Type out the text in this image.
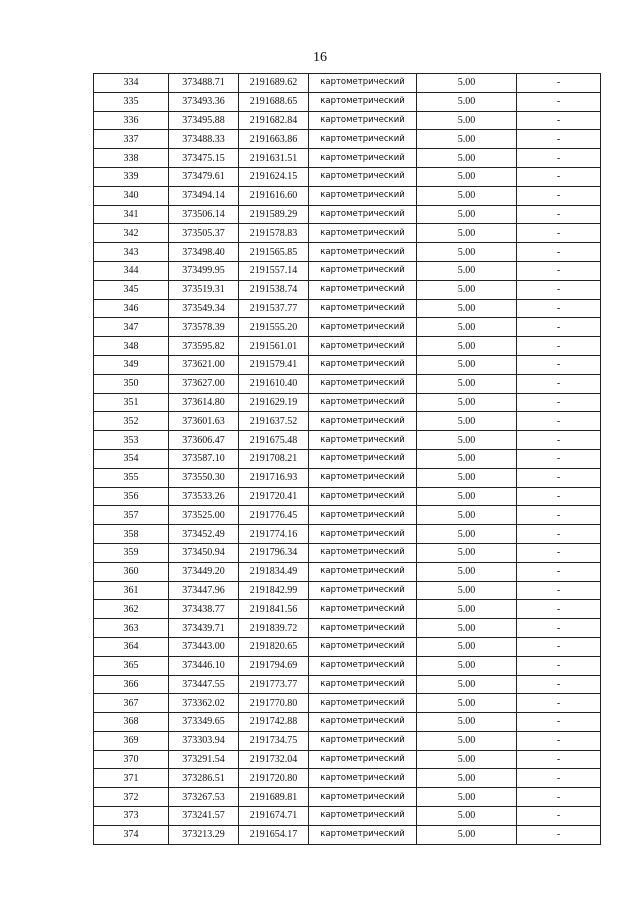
16
334	373488.71	2191689.62	картометрический	5.00	-
335	373493.36	2191688.65	картометрический	5.00	-
336	373495.88	2191682.84	картометрический	5.00	-
337	373488.33	2191663.86	картометрический	5.00	-
338	373475.15	2191631.51	картометрический	5.00	-
339	373479.61	2191624.15	картометрический	5.00	-
340	373494.14	2191616.60	картометрический	5.00	-
341	373506.14	2191589.29	картометрический	5.00	-
342	373505.37	2191578.83	картометрический	5.00	-
343	373498.40	2191565.85	картометрический	5.00	-
344	373499.95	2191557.14	картометрический	5.00	-
345	373519.31	2191538.74	картометрический	5.00	-
346	373549.34	2191537.77	картометрический	5.00	-
347	373578.39	2191555.20	картометрический	5.00	-
348	373595.82	2191561.01	картометрический	5.00	-
349	373621.00	2191579.41	картометрический	5.00	-
350	373627.00	2191610.40	картометрический	5.00	-
351	373614.80	2191629.19	картометрический	5.00	-
352	373601.63	2191637.52	картометрический	5.00	-
353	373606.47	2191675.48	картометрический	5.00	-
354	373587.10	2191708.21	картометрический	5.00	-
355	373550.30	2191716.93	картометрический	5.00	-
356	373533.26	2191720.41	картометрический	5.00	-
357	373525.00	2191776.45	картометрический	5.00	-
358	373452.49	2191774.16	картометрический	5.00	-
359	373450.94	2191796.34	картометрический	5.00	-
360	373449.20	2191834.49	картометрический	5.00	-
361	373447.96	2191842.99	картометрический	5.00	-
362	373438.77	2191841.56	картометрический	5.00	-
363	373439.71	2191839.72	картометрический	5.00	-
364	373443.00	2191820.65	картометрический	5.00	-
365	373446.10	2191794.69	картометрический	5.00	-
366	373447.55	2191773.77	картометрический	5.00	-
367	373362.02	2191770.80	картометрический	5.00	-
368	373349.65	2191742.88	картометрический	5.00	-
369	373303.94	2191734.75	картометрический	5.00	-
370	373291.54	2191732.04	картометрический	5.00	-
371	373286.51	2191720.80	картометрический	5.00	-
372	373267.53	2191689.81	картометрический	5.00	-
373	373241.57	2191674.71	картометрический	5.00	-
374	373213.29	2191654.17	картометрический	5.00	-
